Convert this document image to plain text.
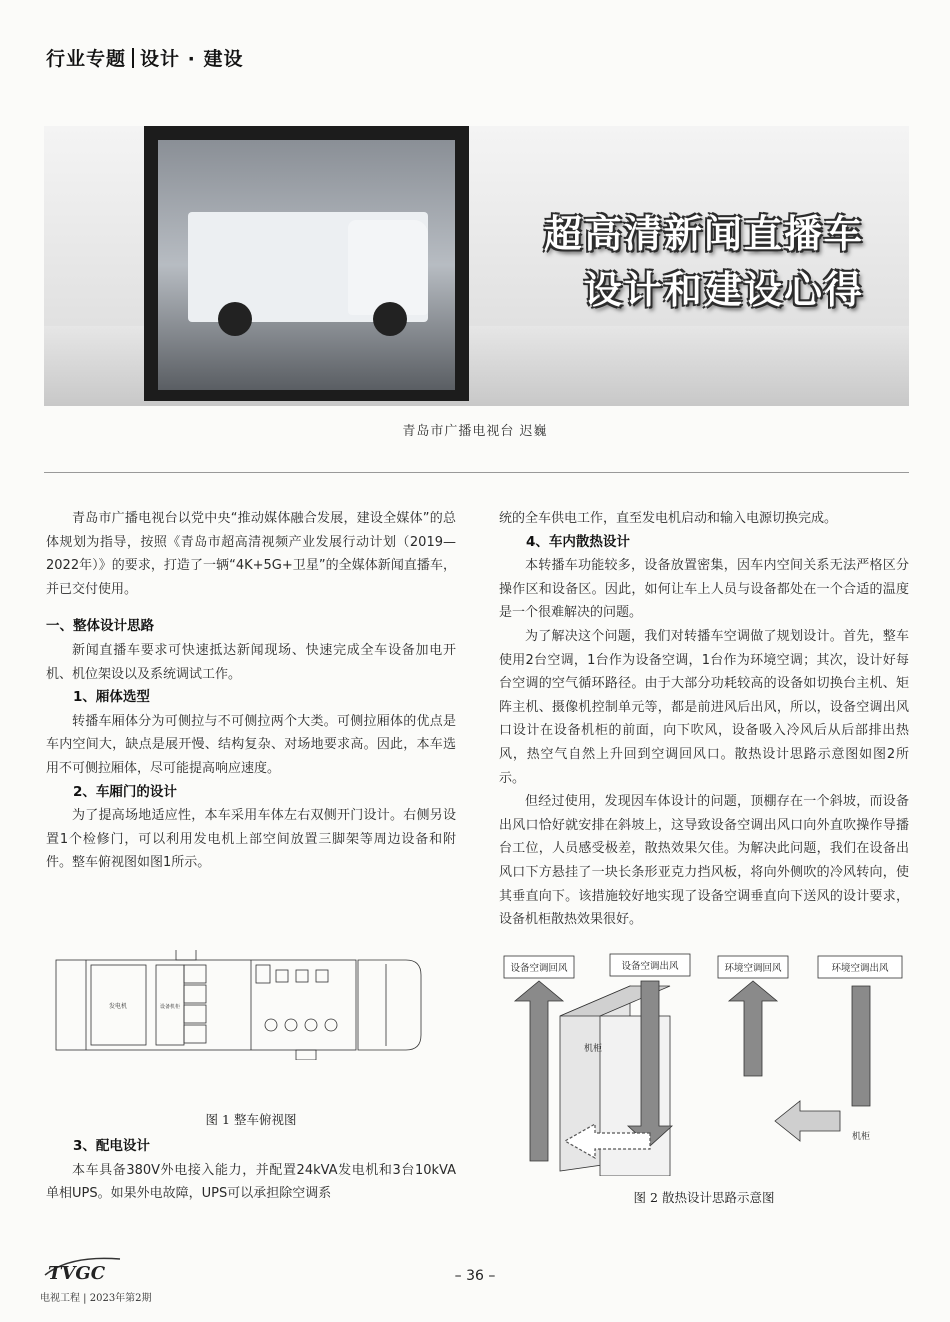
行业专题 设计 · 建设
超高清新闻直播车
设计和建设心得
青岛市广播电视台 迟巍

青岛市广播电视台以党中央“推动媒体融合发展，建设全媒体”的总体规划为指导，按照《青岛市超高清视频产业发展行动计划（2019—2022年）》的要求，打造了一辆“4K+5G+卫星”的全媒体新闻直播车，并已交付使用。

一、整体设计思路

新闻直播车要求可快速抵达新闻现场、快速完成全车设备加电开机、机位架设以及系统调试工作。

1、厢体选型

转播车厢体分为可侧拉与不可侧拉两个大类。可侧拉厢体的优点是车内空间大，缺点是展开慢、结构复杂、对场地要求高。因此，本车选用不可侧拉厢体，尽可能提高响应速度。

2、车厢门的设计

为了提高场地适应性，本车采用车体左右双侧开门设计。右侧另设置1个检修门，可以利用发电机上部空间放置三脚架等周边设备和附件。整车俯视图如图1所示。

发电机	设备机柜
图 1 整车俯视图
3、配电设计

本车具备380V外电接入能力，并配置24kVA发电机和3台10kVA单相UPS。如果外电故障，UPS可以承担除空调系

统的全车供电工作，直至发电机启动和输入电源切换完成。

4、车内散热设计

本转播车功能较多，设备放置密集，因车内空间关系无法严格区分操作区和设备区。因此，如何让车上人员与设备都处在一个合适的温度是一个很难解决的问题。

为了解决这个问题，我们对转播车空调做了规划设计。首先，整车使用2台空调，1台作为设备空调，1台作为环境空调；其次，设计好每台空调的空气循环路径。由于大部分功耗较高的设备如切换台主机、矩阵主机、摄像机控制单元等，都是前进风后出风，所以，设备空调出风口设计在设备机柜的前面，向下吹风，设备吸入冷风后从后部排出热风，热空气自然上升回到空调回风口。散热设计思路示意图如图2所示。

但经过使用，发现因车体设计的问题，顶棚存在一个斜坡，而设备出风口恰好就安排在斜坡上，这导致设备空调出风口向外直吹操作导播台工位，人员感受极差，散热效果欠佳。为解决此问题，我们在设备出风口下方悬挂了一块长条形亚克力挡风板，将向外侧吹的冷风转向，使其垂直向下。该措施较好地实现了设备空调垂直向下送风的设计要求，设备机柜散热效果很好。

设备空调回风	设备空调出风	环境空调回风	环境空调出风
机柜
机柜
图 2 散热设计思路示意图
TVGC
电视工程 | 2023年第2期
– 36 –
